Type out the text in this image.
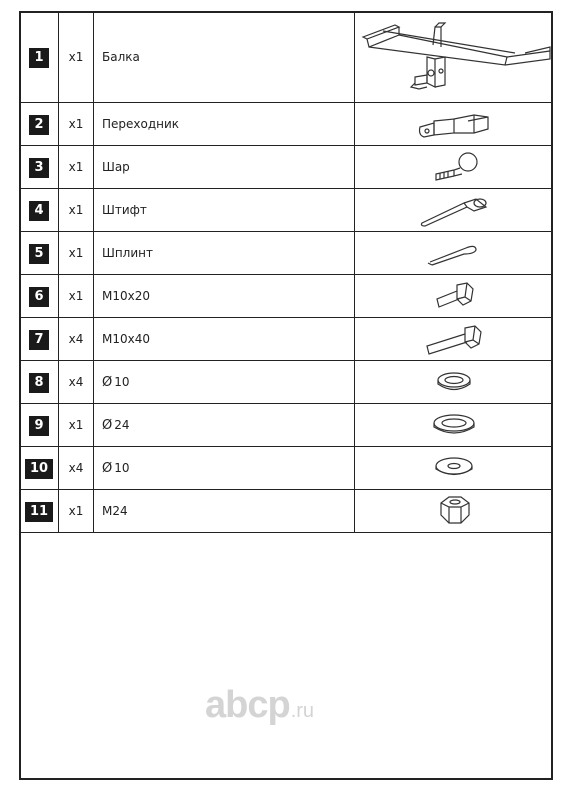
1	x1	Балка	

2	x1	Переходник	

3	x1	Шар	

4	x1	Штифт	

5	x1	Шплинт	

6	x1	M10x20	

7	x4	M10x40	

8	x4	Ø 10	

9	x1	Ø 24	

10	x4	Ø 10	

11	x1	M24	
abcp .ru
